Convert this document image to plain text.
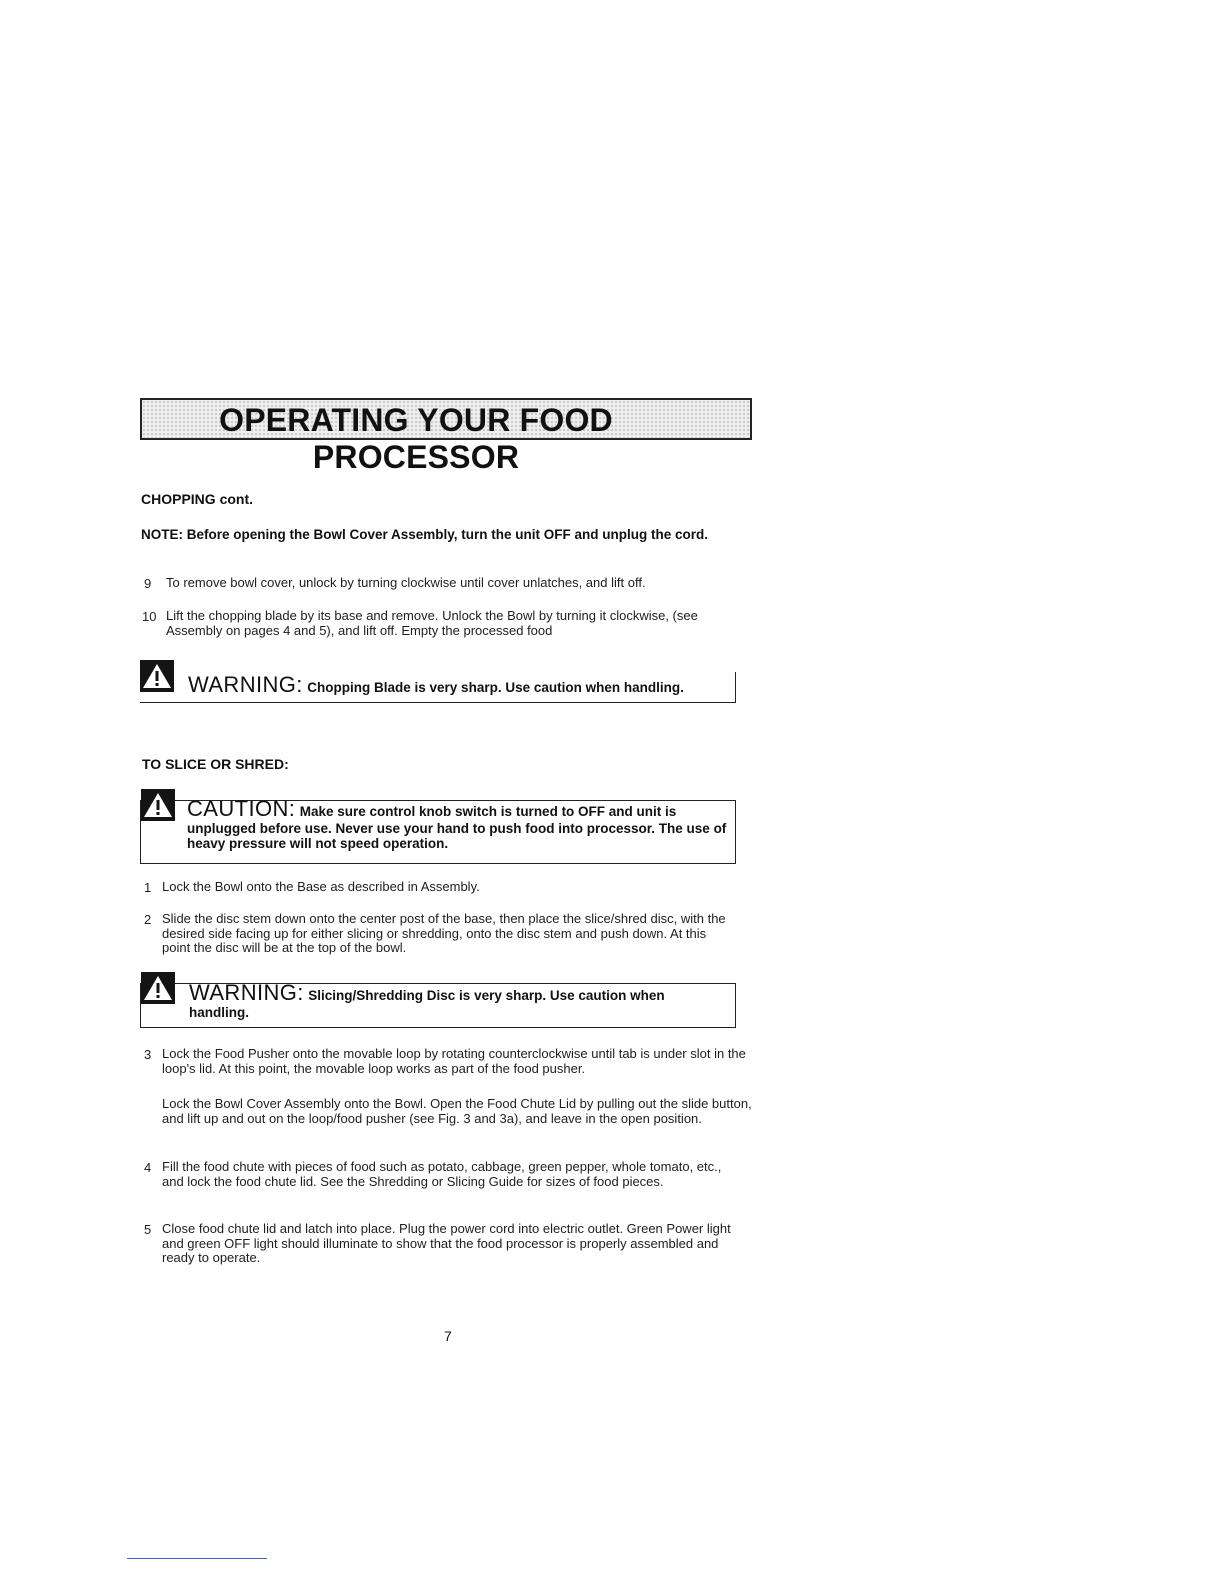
OPERATING YOUR FOOD PROCESSOR
CHOPPING cont.
NOTE: Before opening the Bowl Cover Assembly, turn the unit OFF and unplug the cord.
9 To remove bowl cover, unlock by turning clockwise until cover unlatches, and lift off.
10 Lift the chopping blade by its base and remove. Unlock the Bowl by turning it clockwise, (see Assembly on pages 4 and 5), and lift off. Empty the processed food
WARNING: Chopping Blade is very sharp. Use caution when handling.
TO SLICE OR SHRED:
CAUTION: Make sure control knob switch is turned to OFF and unit is unplugged before use. Never use your hand to push food into processor. The use of heavy pressure will not speed operation.
1 Lock the Bowl onto the Base as described in Assembly.
2 Slide the disc stem down onto the center post of the base, then place the slice/shred disc, with the desired side facing up for either slicing or shredding, onto the disc stem and push down. At this point the disc will be at the top of the bowl.
WARNING: Slicing/Shredding Disc is very sharp. Use caution when handling.
3 Lock the Food Pusher onto the movable loop by rotating counterclockwise until tab is under slot in the loop's lid. At this point, the movable loop works as part of the food pusher.
Lock the Bowl Cover Assembly onto the Bowl. Open the Food Chute Lid by pulling out the slide button, and lift up and out on the loop/food pusher (see Fig. 3 and 3a), and leave in the open position.
4 Fill the food chute with pieces of food such as potato, cabbage, green pepper, whole tomato, etc., and lock the food chute lid. See the Shredding or Slicing Guide for sizes of food pieces.
5 Close food chute lid and latch into place. Plug the power cord into electric outlet. Green Power light and green OFF light should illuminate to show that the food processor is properly assembled and ready to operate.
7
